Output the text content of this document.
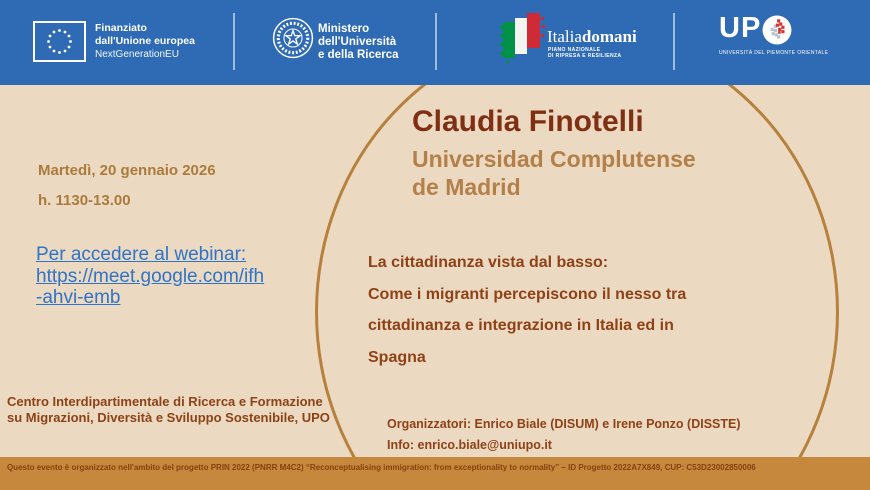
Finanziato
dall'Unione europea
NextGenerationEU
Ministero
dell'Università
e della Ricerca
Italiadomani
PIANO NAZIONALE
DI RIPRESA E RESILIENZA
UP
UNIVERSITÀ DEL PIEMONTE ORIENTALE
Martedì, 20 gennaio 2026
h. 1130-13.00
Per accedere al webinar:
https://meet.google.com/ifh
-ahvi-emb
Centro Interdipartimentale di Ricerca e Formazione
su Migrazioni, Diversità e Sviluppo Sostenibile, UPO
Claudia Finotelli
Universidad Complutense
de Madrid
La cittadinanza vista dal basso:
Come i migranti percepiscono il nesso tra
cittadinanza e integrazione in Italia ed in
Spagna
Organizzatori: Enrico Biale (DISUM) e Irene Ponzo (DISSTE)
Info: enrico.biale@uniupo.it
Questo evento è organizzato nell'ambito del progetto PRIN 2022 (PNRR M4C2) “Reconceptualising immigration: from exceptionality to normality” – ID Progetto 2022A7X849, CUP: C53D23002850006
